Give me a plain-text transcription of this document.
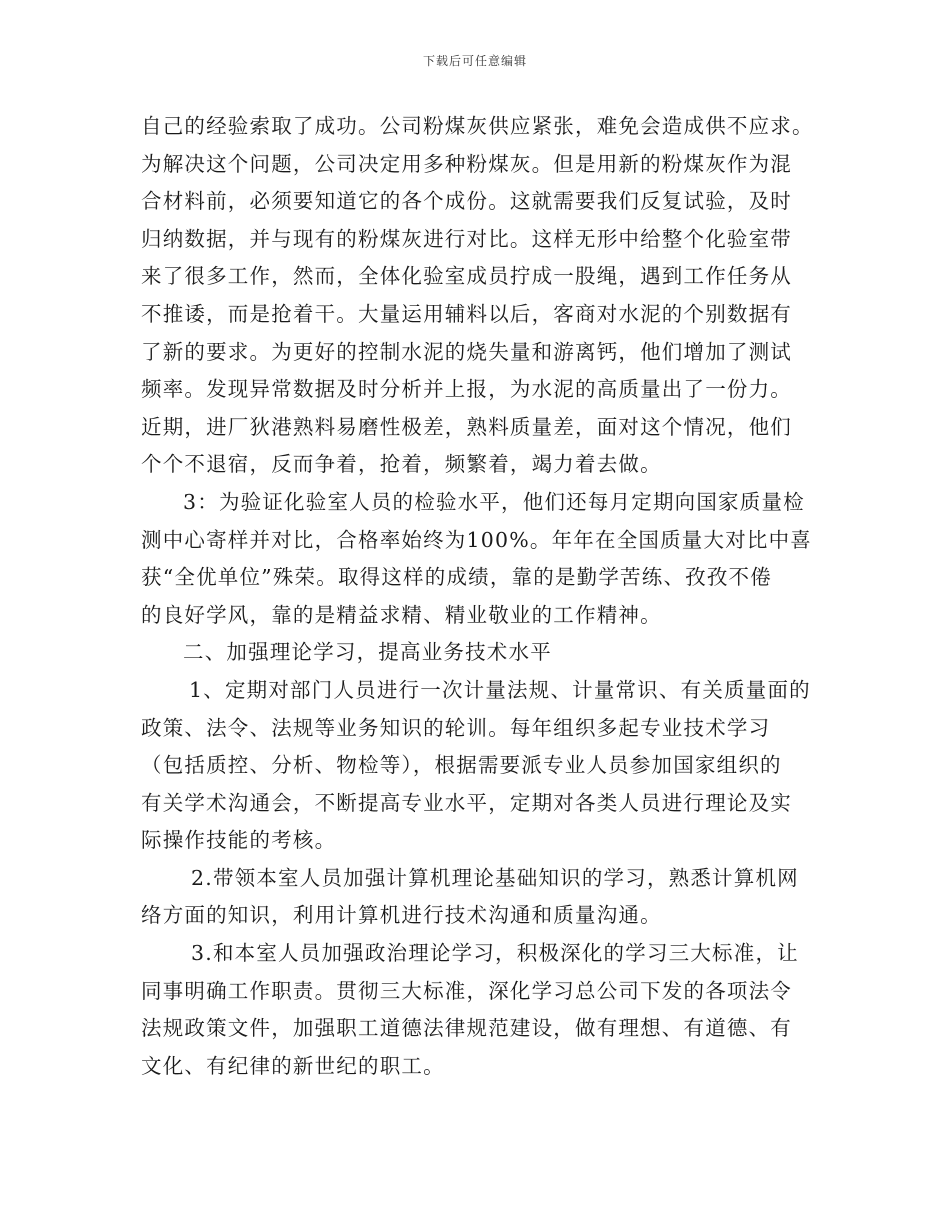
下载后可任意编辑
自己的经验索取了成功。公司粉煤灰供应紧张，难免会造成供不应求。
为解决这个问题，公司决定用多种粉煤灰。但是用新的粉煤灰作为混
合材料前，必须要知道它的各个成份。这就需要我们反复试验，及时
归纳数据，并与现有的粉煤灰进行对比。这样无形中给整个化验室带
来了很多工作，然而，全体化验室成员拧成一股绳，遇到工作任务从
不推诿，而是抢着干。大量运用辅料以后，客商对水泥的个别数据有
了新的要求。为更好的控制水泥的烧失量和游离钙，他们增加了测试
频率。发现异常数据及时分析并上报，为水泥的高质量出了一份力。
近期，进厂狄港熟料易磨性极差，熟料质量差，面对这个情况，他们
个个不退宿，反而争着，抢着，频繁着，竭力着去做。
3：为验证化验室人员的检验水平，他们还每月定期向国家质量检
测中心寄样并对比，合格率始终为100%。年年在全国质量大对比中喜
获“全优单位”殊荣。取得这样的成绩，靠的是勤学苦练、孜孜不倦
的良好学风，靠的是精益求精、精业敬业的工作精神。
二、加强理论学习，提高业务技术水平
1、定期对部门人员进行一次计量法规、计量常识、有关质量面的
政策、法令、法规等业务知识的轮训。每年组织多起专业技术学习
（包括质控、分析、物检等），根据需要派专业人员参加国家组织的
有关学术沟通会，不断提高专业水平，定期对各类人员进行理论及实
际操作技能的考核。
2.带领本室人员加强计算机理论基础知识的学习，熟悉计算机网
络方面的知识，利用计算机进行技术沟通和质量沟通。
3.和本室人员加强政治理论学习，积极深化的学习三大标准，让
同事明确工作职责。贯彻三大标准，深化学习总公司下发的各项法令
法规政策文件，加强职工道德法律规范建设，做有理想、有道德、有
文化、有纪律的新世纪的职工。
